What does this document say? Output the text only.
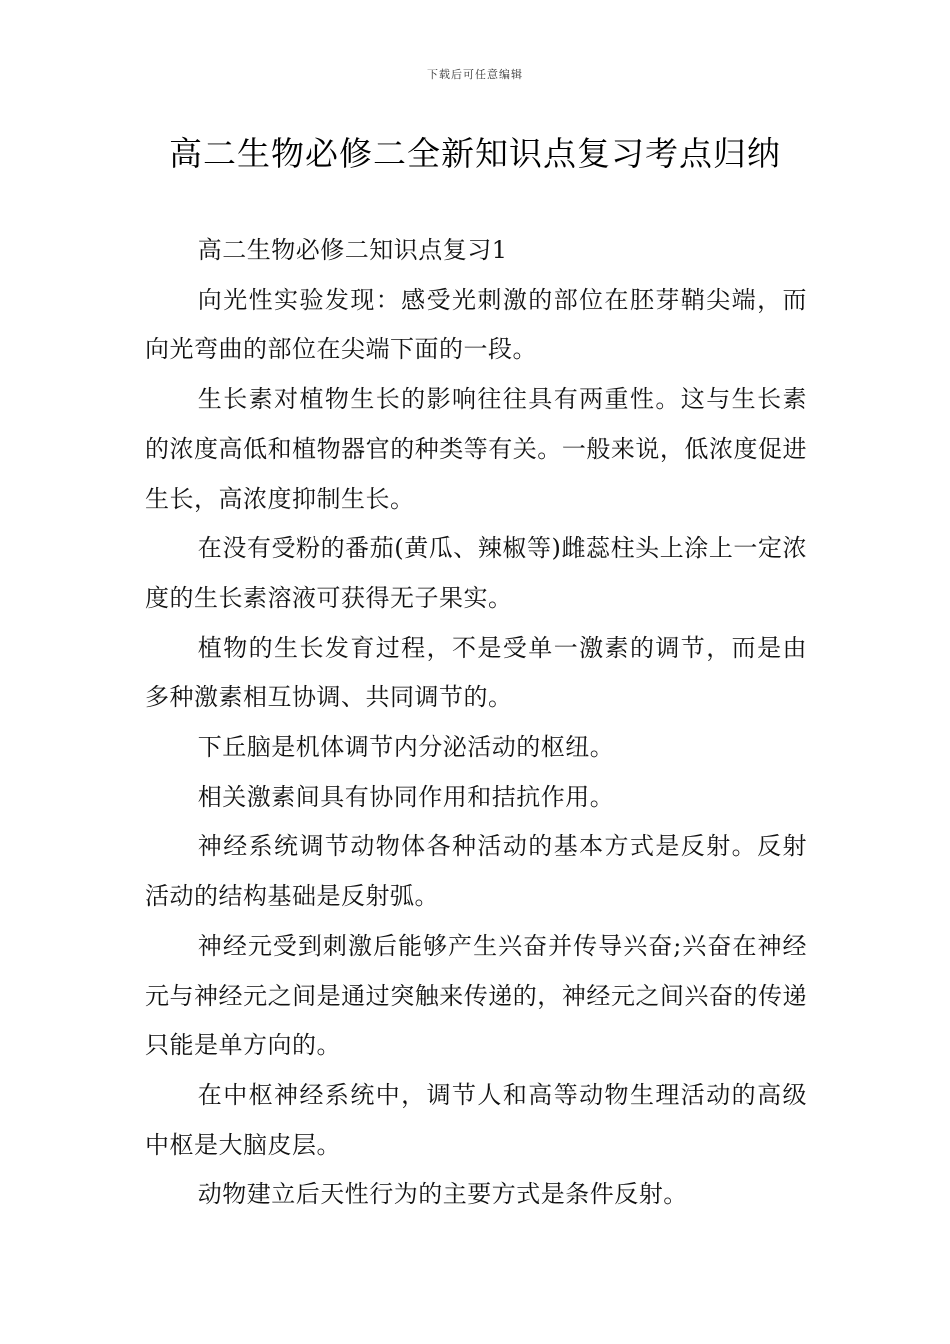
下载后可任意编辑
高二生物必修二全新知识点复习考点归纳

高二生物必修二知识点复习1

向光性实验发现：感受光刺激的部位在胚芽鞘尖端，而向光弯曲的部位在尖端下面的一段。

生长素对植物生长的影响往往具有两重性。这与生长素的浓度高低和植物器官的种类等有关。一般来说，低浓度促进生长，高浓度抑制生长。

在没有受粉的番茄(黄瓜、辣椒等)雌蕊柱头上涂上一定浓度的生长素溶液可获得无子果实。

植物的生长发育过程，不是受单一激素的调节，而是由多种激素相互协调、共同调节的。

下丘脑是机体调节内分泌活动的枢纽。

相关激素间具有协同作用和拮抗作用。

神经系统调节动物体各种活动的基本方式是反射。反射活动的结构基础是反射弧。

神经元受到刺激后能够产生兴奋并传导兴奋;兴奋在神经元与神经元之间是通过突触来传递的，神经元之间兴奋的传递只能是单方向的。

在中枢神经系统中，调节人和高等动物生理活动的高级中枢是大脑皮层。

动物建立后天性行为的主要方式是条件反射。
